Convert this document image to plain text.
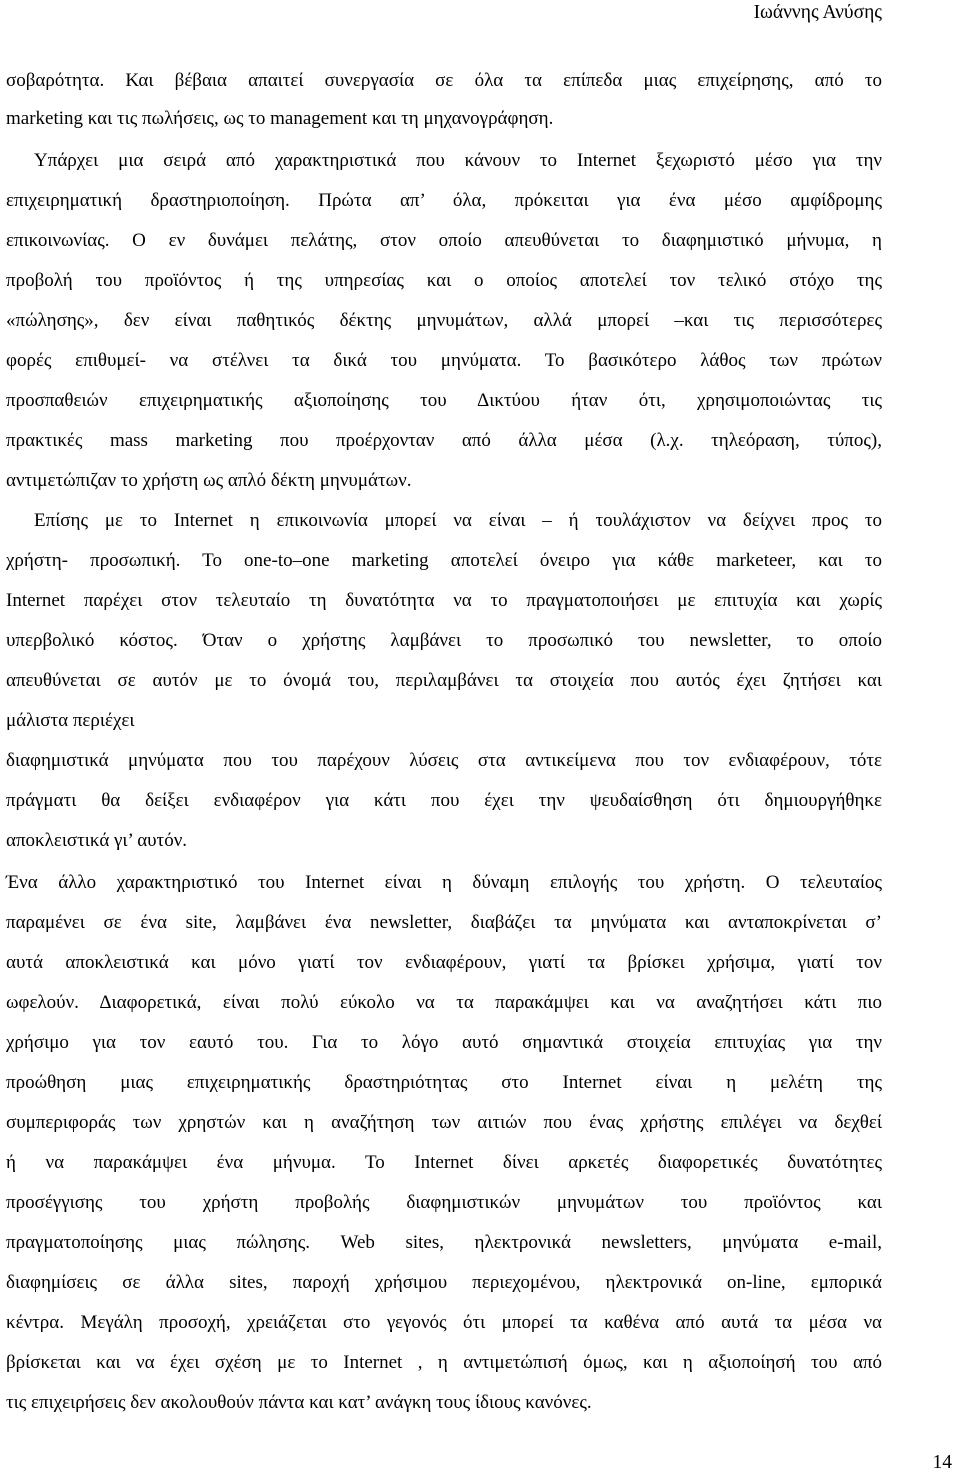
Ιωάννης Ανύσης
σοβαρότητα. Και βέβαια απαιτεί συνεργασία σε όλα τα επίπεδα μιας επιχείρησης, από το
marketing και τις πωλήσεις, ως το management και τη μηχανογράφηση.
Υπάρχει μια σειρά από χαρακτηριστικά που κάνουν το Internet ξεχωριστό μέσο για την
επιχειρηματική δραστηριοποίηση. Πρώτα απ’ όλα, πρόκειται για ένα μέσο αμφίδρομης
επικοινωνίας. Ο εν δυνάμει πελάτης, στον οποίο απευθύνεται το διαφημιστικό μήνυμα, η
προβολή του προϊόντος ή της υπηρεσίας και ο οποίος αποτελεί τον τελικό στόχο της
«πώλησης», δεν είναι παθητικός δέκτης μηνυμάτων, αλλά μπορεί –και τις περισσότερες
φορές επιθυμεί- να στέλνει τα δικά του μηνύματα. Το βασικότερο λάθος των πρώτων
προσπαθειών επιχειρηματικής αξιοποίησης του Δικτύου ήταν ότι, χρησιμοποιώντας τις
πρακτικές mass marketing που προέρχονταν από άλλα μέσα (λ.χ. τηλεόραση, τύπος),
αντιμετώπιζαν το χρήστη ως απλό δέκτη μηνυμάτων.
Επίσης με το Internet η επικοινωνία μπορεί να είναι – ή τουλάχιστον να δείχνει προς το
χρήστη- προσωπική. Το one-to–one marketing αποτελεί όνειρο για κάθε marketeer, και το
Internet παρέχει στον τελευταίο τη δυνατότητα να το πραγματοποιήσει με επιτυχία και χωρίς
υπερβολικό κόστος. Όταν ο χρήστης λαμβάνει το προσωπικό του newsletter, το οποίο
απευθύνεται σε αυτόν με το όνομά του, περιλαμβάνει τα στοιχεία που αυτός έχει ζητήσει και
μάλιστα περιέχει
διαφημιστικά μηνύματα που του παρέχουν λύσεις στα αντικείμενα που τον ενδιαφέρουν, τότε
πράγματι θα δείξει ενδιαφέρον για κάτι που έχει την ψευδαίσθηση ότι δημιουργήθηκε
αποκλειστικά γι’ αυτόν.
Ένα άλλο χαρακτηριστικό του Internet είναι η δύναμη επιλογής του χρήστη. Ο τελευταίος
παραμένει σε ένα site, λαμβάνει ένα newsletter, διαβάζει τα μηνύματα και ανταποκρίνεται σ’
αυτά αποκλειστικά και μόνο γιατί τον ενδιαφέρουν, γιατί τα βρίσκει χρήσιμα, γιατί τον
ωφελούν. Διαφορετικά, είναι πολύ εύκολο να τα παρακάμψει και να αναζητήσει κάτι πιο
χρήσιμο για τον εαυτό του. Για το λόγο αυτό σημαντικά στοιχεία επιτυχίας για την
προώθηση μιας επιχειρηματικής δραστηριότητας στο Internet είναι η μελέτη της
συμπεριφοράς των χρηστών και η αναζήτηση των αιτιών που ένας χρήστης επιλέγει να δεχθεί
ή να παρακάμψει ένα μήνυμα. Το Internet δίνει αρκετές διαφορετικές δυνατότητες
προσέγγισης του χρήστη προβολής διαφημιστικών μηνυμάτων του προϊόντος και
πραγματοποίησης μιας πώλησης. Web sites, ηλεκτρονικά newsletters, μηνύματα e-mail,
διαφημίσεις σε άλλα sites, παροχή χρήσιμου περιεχομένου, ηλεκτρονικά on-line, εμπορικά
κέντρα. Μεγάλη προσοχή, χρειάζεται στο γεγονός ότι μπορεί τα καθένα από αυτά τα μέσα να
βρίσκεται και να έχει σχέση με το Internet , η αντιμετώπισή όμως, και η αξιοποίησή του από
τις επιχειρήσεις δεν ακολουθούν πάντα και κατ’ ανάγκη τους ίδιους κανόνες.
14
